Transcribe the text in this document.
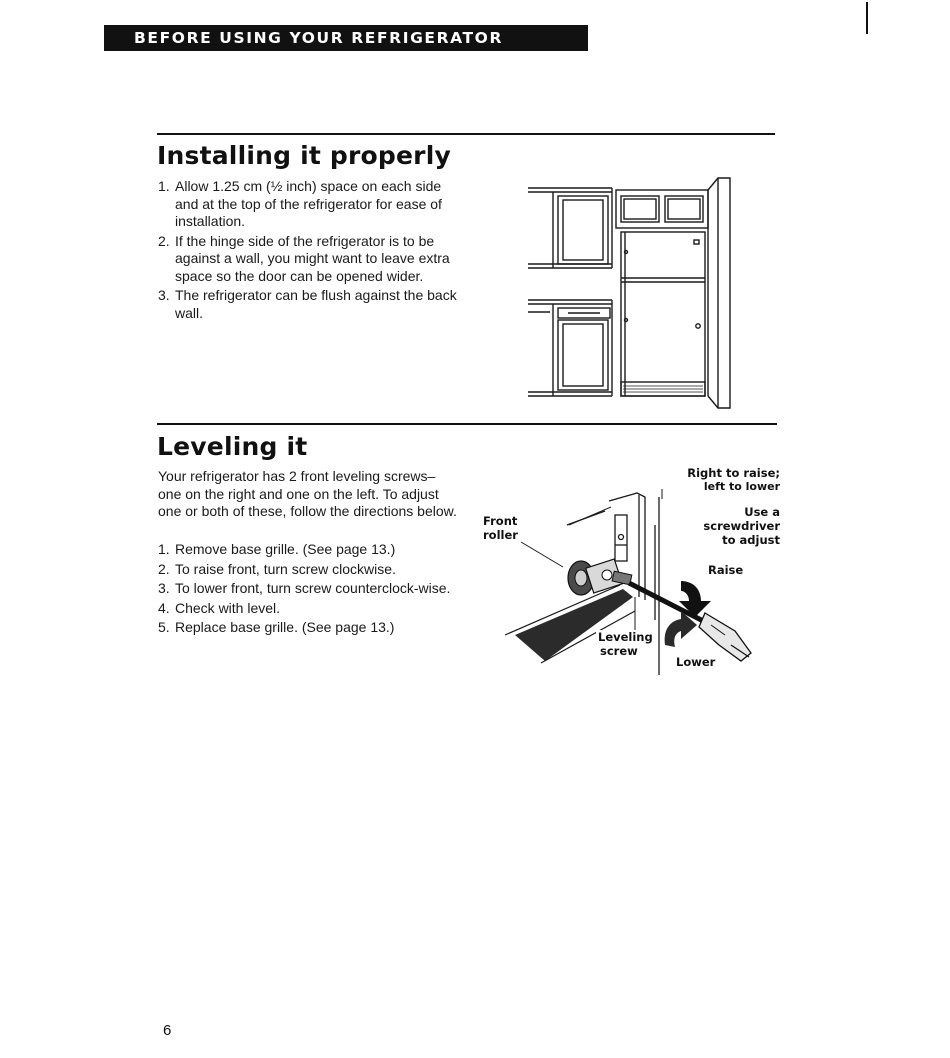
BEFORE USING YOUR REFRIGERATOR
Installing it properly
1. Allow 1.25 cm (½ inch) space on each side and at the top of the refrigerator for ease of installation.
2. If the hinge side of the refrigerator is to be against a wall, you might want to leave extra space so the door can be opened wider.
3. The refrigerator can be flush against the back wall.
Leveling it

Your refrigerator has 2 front leveling screws–one on the right and one on the left. To adjust one or both of these, follow the directions below.

1. Remove base grille. (See page 13.)
2. To raise front, turn screw clockwise.
3. To lower front, turn screw counterclock-wise.
4. Check with level.
5. Replace base grille. (See page 13.)
Front
roller
Right to raise;
left to lower
Use a
screwdriver
to adjust
Raise
Leveling
screw
Lower
6
